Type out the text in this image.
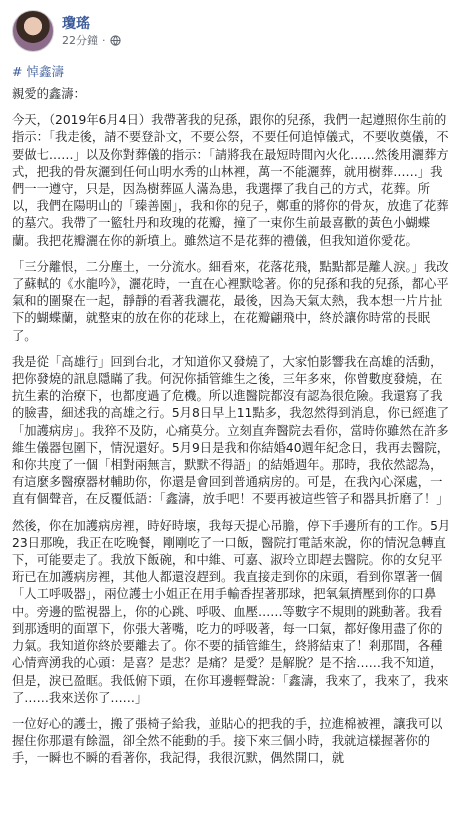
瓊瑤
22分鐘 ·
# 悼鑫濤

親愛的鑫濤：

今天，（2019年6月4日）我帶著我的兒孫，跟你的兒孫，我們一起遵照你生前的指示：「我走後，請不要登訃文，不要公祭，不要任何追悼儀式，不要收奠儀，不要做七……」以及你對葬儀的指示：「請將我在最短時間內火化……然後用灑葬方式，把我的骨灰灑到任何山明水秀的山林裡，萬一不能灑葬，就用樹葬……」我們一一遵守，只是，因為樹葬區人滿為患，我選擇了我自己的方式，花葬。所以，我們在陽明山的「臻善園」，我和你的兒子，鄭重的將你的骨灰，放進了花葬的墓穴。我帶了一籃牡丹和玫瑰的花瓣，撞了一束你生前最喜歡的黃色小蝴蝶蘭。我把花瓣灑在你的新墳上。雖然這不是花葬的禮儀，但我知道你愛花。

「三分離恨，二分塵土，一分流水。細看來，花落花飛，點點都是離人淚。」我改了蘇軾的《水龍吟》，灑花時，一直在心裡默唸著。你的兒孫和我的兒孫，都心平氣和的圍聚在一起，靜靜的看著我灑花，最後，因為天氣太熱，我本想一片片扯下的蝴蝶蘭，就整束的放在你的花球上，在花瓣翩飛中，終於讓你時常的長眠了。

我是從「高雄行」回到台北，才知道你又發燒了，大家怕影響我在高雄的活動，把你發燒的訊息隱瞞了我。何況你插管維生之後，三年多來，你曾數度發燒，在抗生素的治療下，也都度過了危機。所以進醫院都沒有認為很危險。我還寫了我的臉書，細述我的高雄之行。5月8日早上11點多，我忽然得到消息，你已經進了「加護病房」。我猝不及防，心痛莫分。立刻直奔醫院去看你，當時你雖然在許多維生儀器包圍下，情況還好。5月9日是我和你結婚40週年紀念日，我再去醫院，和你共度了一個「相對兩無言，默默不得語」的結婚週年。那時，我依然認為，有這麼多醫療器材輔助你，你還是會回到普通病房的。可是，在我內心深處，一直有個聲音，在反覆低語：「鑫濤，放手吧！不要再被這些管子和器具折磨了！」

然後，你在加護病房裡，時好時壞，我每天提心吊膽，停下手邊所有的工作。5月23日那晚，我正在吃晚餐，剛剛吃了一口飯，醫院打電話來說，你的情況急轉直下，可能要走了。我放下飯碗，和中維、可嘉、淑玲立即趕去醫院。你的女兒平珩已在加護病房裡，其他人都還沒趕到。我直接走到你的床頭，看到你罩著一個「人工呼吸器」，兩位護士小姐正在用手輸香捏著那球，把氧氣擠壓到你的口鼻中。旁邊的監視器上，你的心跳、呼吸、血壓……等數字不規則的跳動著。我看到那透明的面罩下，你張大著嘴，吃力的呼吸著，每一口氣，都好像用盡了你的力氣。我知道你終於要離去了。你不要的插管維生，終將結束了！剎那間，各種心情齊湧我的心頭：是喜？是悲？是痛？是愛？是解脫？是不捨……我不知道，但是，淚已盈眶。我低俯下頭，在你耳邊輕聲說：「鑫濤，我來了，我來了，我來了……我來送你了……」

一位好心的護士，搬了張椅子給我，並貼心的把我的手，拉進棉被裡，讓我可以握住你那還有餘溫，卻全然不能動的手。接下來三個小時，我就這樣握著你的手，一瞬也不瞬的看著你，我記得，我很沉默，偶然開口，就
